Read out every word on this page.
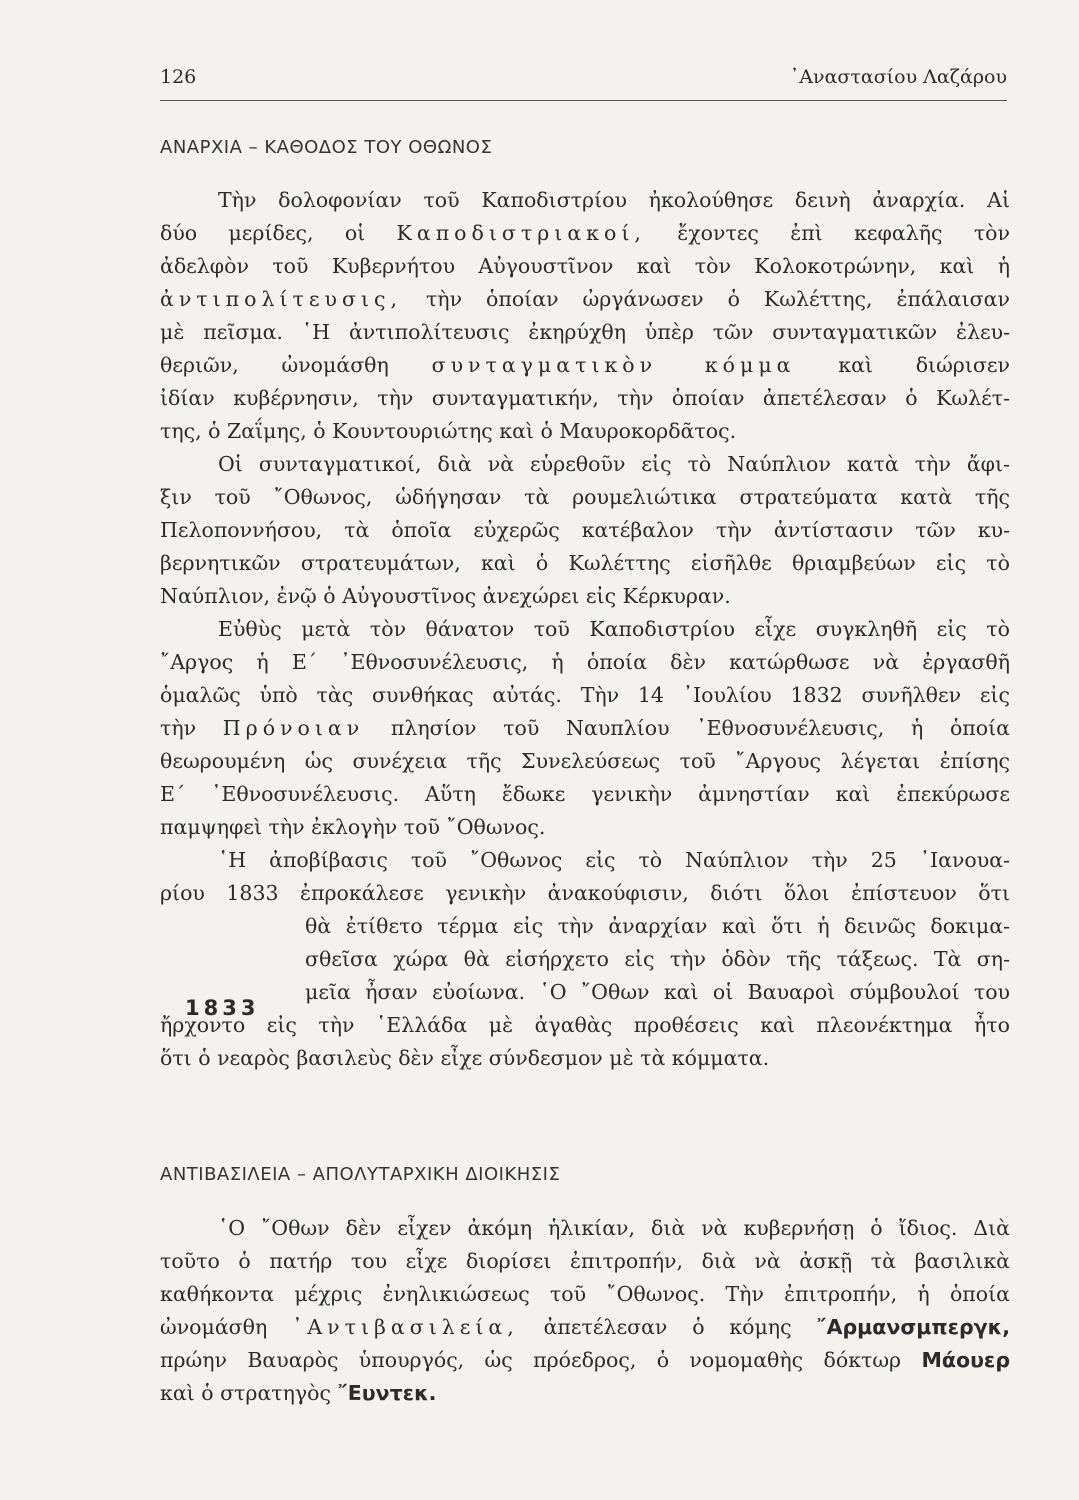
126	᾿Αναστασίου Λαζάρου
ΑΝΑΡΧΙΑ – ΚΑΘΟΔΟΣ ΤΟΥ ΟΘΩΝΟΣ
Τὴν δολοφονίαν τοῦ Καποδιστρίου ἠκολούθησε δεινὴ ἀναρχία. Αἱ
δύο μερίδες, οἱ Καποδιστριακοί, ἔχοντες ἐπὶ κεφαλῆς τὸν
ἀδελφὸν τοῦ Κυβερνήτου Αὐγουστῖνον καὶ τὸν Κολοκοτρώνην, καὶ ἡ
ἀντιπολίτευσις, τὴν ὁποίαν ὠργάνωσεν ὁ Κωλέττης, ἐπάλαισαν
μὲ πεῖσμα. ῾Η ἀντιπολίτευσις ἐκηρύχθη ὑπὲρ τῶν συνταγματικῶν ἐλευ-
θεριῶν, ὠνομάσθη συνταγματικὸν κόμμα καὶ διώρισεν
ἰδίαν κυβέρνησιν, τὴν συνταγματικήν, τὴν ὁποίαν ἀπετέλεσαν ὁ Κωλέτ-
της, ὁ Ζαΐμης, ὁ Κουντουριώτης καὶ ὁ Μαυροκορδᾶτος.
Οἱ συνταγματικοί, διὰ νὰ εὑρεθοῦν εἰς τὸ Ναύπλιον κατὰ τὴν ἄφι-
ξιν τοῦ ῎Οθωνος, ὡδήγησαν τὰ ρουμελιώτικα στρατεύματα κατὰ τῆς
Πελοποννήσου, τὰ ὁποῖα εὐχερῶς κατέβαλον τὴν ἀντίστασιν τῶν κυ-
βερνητικῶν στρατευμάτων, καὶ ὁ Κωλέττης εἰσῆλθε θριαμβεύων εἰς τὸ
Ναύπλιον, ἐνῷ ὁ Αὐγουστῖνος ἀνεχώρει εἰς Κέρκυραν.
Εὐθὺς μετὰ τὸν θάνατον τοῦ Καποδιστρίου εἶχε συγκληθῆ εἰς τὸ
῎Αργος ἡ Ε΄ ᾿Εθνοσυνέλευσις, ἡ ὁποία δὲν κατώρθωσε νὰ ἐργασθῆ
ὁμαλῶς ὑπὸ τὰς συνθήκας αὐτάς. Τὴν 14 ᾿Ιουλίου 1832 συνῆλθεν εἰς
τὴν Πρόνοιαν πλησίον τοῦ Ναυπλίου ᾿Εθνοσυνέλευσις, ἡ ὁποία
θεωρουμένη ὡς συνέχεια τῆς Συνελεύσεως τοῦ ῎Αργους λέγεται ἐπίσης
Ε΄ ᾿Εθνοσυνέλευσις. Αὕτη ἔδωκε γενικὴν ἀμνηστίαν καὶ ἐπεκύρωσε
παμψηφεὶ τὴν ἐκλογὴν τοῦ ῎Οθωνος.
῾Η ἀποβίβασις τοῦ ῎Οθωνος εἰς τὸ Ναύπλιον τὴν 25 ᾿Ιανουα-
ρίου 1833 ἐπροκάλεσε γενικὴν ἀνακούφισιν, διότι ὅλοι ἐπίστευον ὅτι
θὰ ἐτίθετο τέρμα εἰς τὴν ἀναρχίαν καὶ ὅτι ἡ δεινῶς δοκιμα-
σθεῖσα χώρα θὰ εἰσήρχετο εἰς τὴν ὁδὸν τῆς τάξεως. Τὰ ση-
μεῖα ἦσαν εὐοίωνα. ῾Ο ῎Οθων καὶ οἱ Βαυαροὶ σύμβουλοί του
ἤρχοντο εἰς τὴν ῾Ελλάδα μὲ ἀγαθὰς προθέσεις καὶ πλεονέκτημα ἦτο
ὅτι ὁ νεαρὸς βασιλεὺς δὲν εἶχε σύνδεσμον μὲ τὰ κόμματα.
1833
ΑΝΤΙΒΑΣΙΛΕΙΑ – ΑΠΟΛΥΤΑΡΧΙΚΗ ΔΙΟΙΚΗΣΙΣ
῾Ο ῎Οθων δὲν εἶχεν ἀκόμη ἡλικίαν, διὰ νὰ κυβερνήσῃ ὁ ἴδιος. Διὰ
τοῦτο ὁ πατήρ του εἶχε διορίσει ἐπιτροπήν, διὰ νὰ ἀσκῇ τὰ βασιλικὰ
καθήκοντα μέχρις ἐνηλικιώσεως τοῦ ῎Οθωνος. Τὴν ἐπιτροπήν, ἡ ὁποία
ὠνομάσθη ᾿Αντιβασιλεία, ἀπετέλεσαν ὁ κόμης ῎Αρμανσμπεργκ,
πρώην Βαυαρὸς ὑπουργός, ὡς πρόεδρος, ὁ νομομαθὴς δόκτωρ Μάουερ
καὶ ὁ στρατηγὸς ῎Ευντεκ.
